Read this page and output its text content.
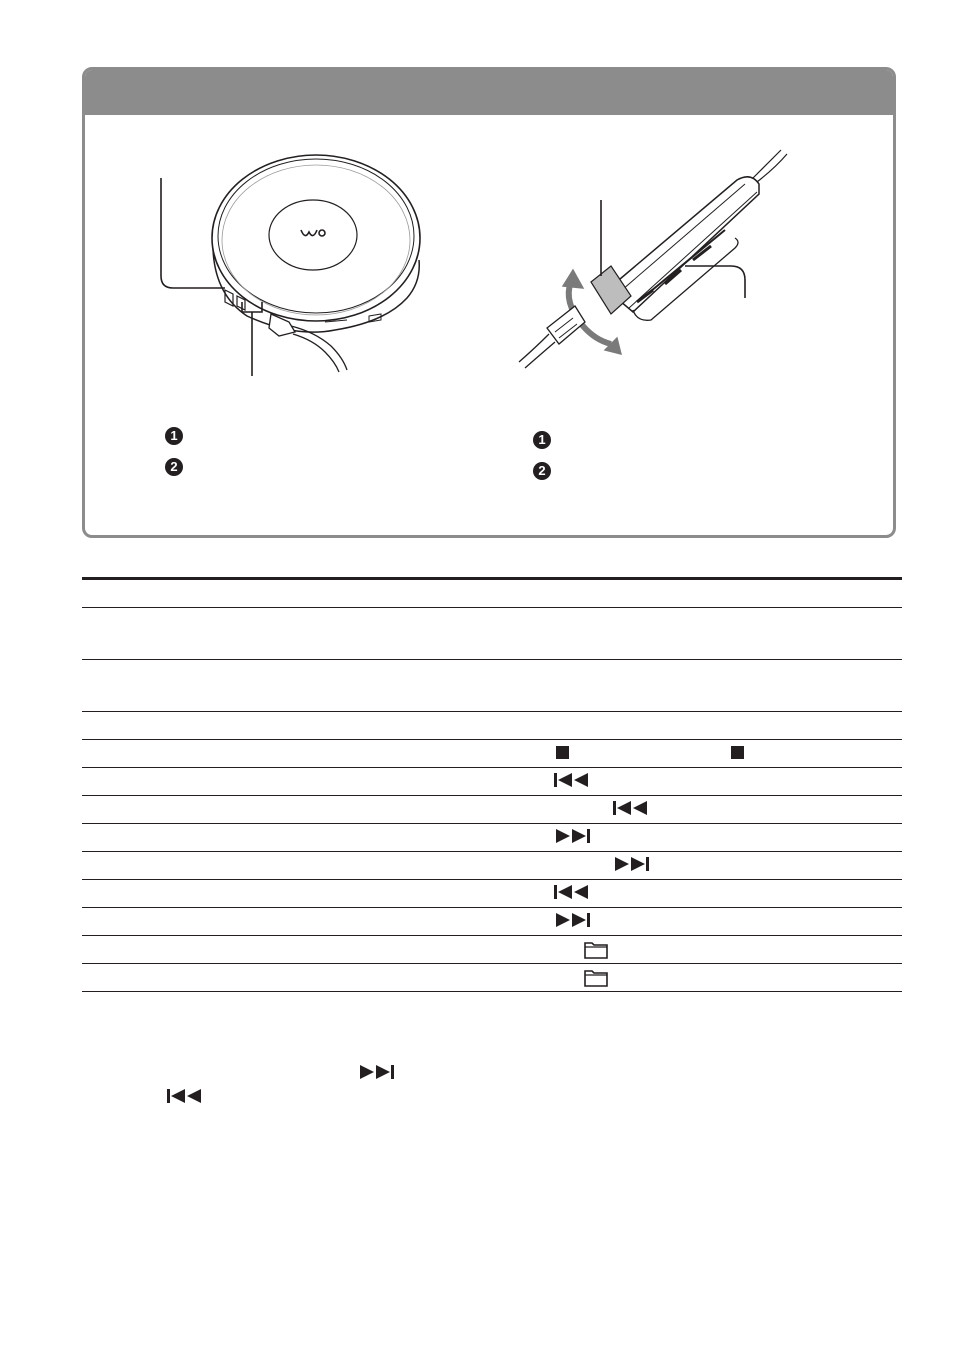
1
2
1
2
